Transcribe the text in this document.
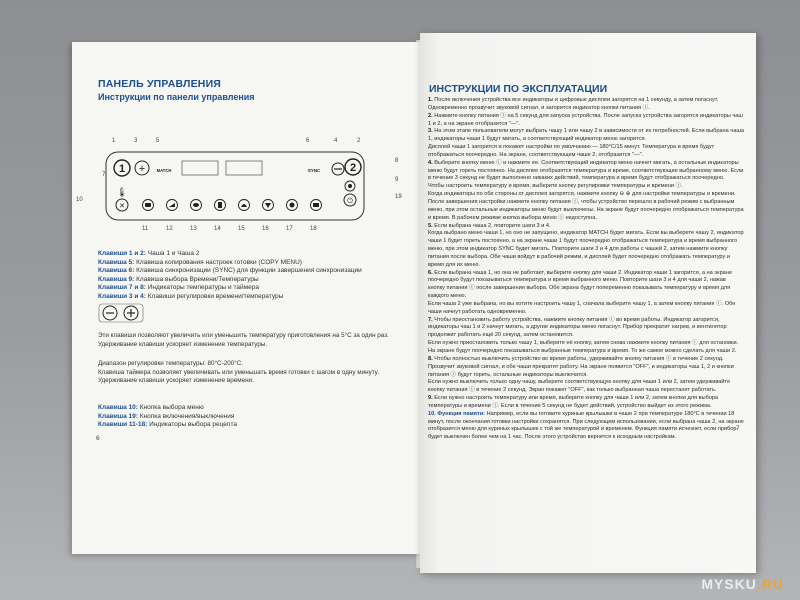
ПАНЕЛЬ УПРАВЛЕНИЯ
Инструкции по панели управления
1	3	5	6	4	2
7
8
9
10	19
1 +	MATCH	SYNC	2
🌡
⏻
✕
11	12	13	14	15	16	17	18
Клавиши 1 и 2: Чаша 1 и Чаша 2
Клавиша 5: Клавиша копирования настроек готовки (COPY MENU)
Клавиша 6: Клавиша синхронизации (SYNC) для функции завершения синхронизации
Клавиша 9: Клавиша выбора Времени/Температуры
Клавиши 7 и 8: Индикаторы температуры и таймера
Клавиши 3 и 4: Клавиши регулировки времени/температуры
Эти клавиши позволяют увеличить или уменьшить температуру приготовления на 5°C за один раз. Удерживание клавиши ускоряет изменение температуры.
Диапазон регулировки температуры: 80°C-200°C.
Клавиша таймера позволяет увеличивать или уменьшать время готовки с шагом в одну минуту. Удерживание клавиши ускоряет изменение времени.
Клавиша 10: Кнопка выбора меню
Клавиша 19: Кнопка включения/выключения
Клавиши 11-18: Индикаторы выбора рецепта
6
ИНСТРУКЦИИ ПО ЭКСПЛУАТАЦИИ

1. После включения устройства все индикаторы и цифровые дисплеи загорятся на 1 секунду, а затем погаснут. Одновременно прозвучит звуковой сигнал, и загорится индикатор кнопки питания ⓘ.

2. Нажмите кнопку питания ⓘ на 5 секунд для запуска устройства. После запуска устройства загорятся индикаторы чаш 1 и 2, а на экране отобразится "—".

3. На этом этапе пользователи могут выбрать чашу 1 или чашу 2 в зависимости от их потребностей. Если выбрана чаша 1, индикаторы чаши 1 будут мигать, а соответствующий индикатор меню загорится.

Дисплей чаши 1 загорится и покажет настройки по умолчанию — 180°C/15 минут. Температура и время будут отображаться поочередно. На экране, соответствующем чаше 2, отобразится "—".

4. Выберите кнопку меню ⓘ и нажмите ее. Соответствующий индикатор меню начнет мигать, а остальные индикаторы меню будут гореть постоянно. На дисплее отобразятся температура и время, соответствующие выбранному меню. Если в течение 3 секунд не будет выполнено никаких действий, температура и время будут отображаться поочередно.

Чтобы настроить температуру и время, выберите кнопку регулировки температуры и времени ⓘ.

Когда индикаторы по обе стороны от дисплея загорятся, нажмите кнопку ⊖ ⊕ для настройки температуры и времени. После завершения настройки нажмите кнопку питания ⓘ, чтобы устройство перешло в рабочий режим с выбранным меню, при этом остальные индикаторы меню будут выключены. На экране будут поочередно отображаться температура и время. В рабочем режиме кнопка выбора меню ⓘ недоступна.

5. Если выбрана чаша 2, повторите шаги 3 и 4.

Когда выбрано меню чаши 1, но оно не запущено, индикатор MATCH будет мигать. Если вы выберете чашу 2, индикатор чаши 1 будет гореть постоянно, а на экране чаши 1 будут поочередно отображаться температура и время выбранного меню, при этом индикатор SYNC будет мигать. Повторите шаги 3 и 4 для работы с чашей 2, затем нажмите кнопку питания после выбора. Обе чаши войдут в рабочий режим, и дисплей будет поочередно отображать температуру и время для их меню.

6. Если выбрана чаша 1, но она не работает, выберите кнопку для чаши 2. Индикатор чаши 1 загорится, а на экране поочередно будут показываться температура и время выбранного меню. Повторите шаги 3 и 4 для чаши 2, нажав кнопку питания ⓘ после завершения выбора. Обе экрана будут попеременно показывать температуру и время для каждого меню.

Если чаша 2 уже выбрана, но вы хотите настроить чашу 1, сначала выберите чашу 1, а затем кнопку питания ⓘ. Обе чаши начнут работать одновременно.

7. Чтобы приостановить работу устройства, нажмите кнопку питания ⓘ во время работы. Индикатор загорится, индикаторы чаш 1 и 2 начнут мигать, а другие индикаторы меню погаснут. Прибор прекратит нагрев, и вентилятор продолжит работать ещё 20 секунд, затем остановится.

Если нужно приостановить только чашу 1, выберите её кнопку, затем снова нажмите кнопку питания ⓘ для остановки. На экране будут поочередно показываться выбранные температура и время. То же самое можно сделать для чаши 2.

8. Чтобы полностью выключить устройство во время работы, удерживайте кнопку питания ⓘ в течение 2 секунд. Прозвучит звуковой сигнал, и обе чаши прекратят работу. На экране появится "OFF", и индикаторы чаш 1, 2 и кнопки питания ⓘ будут гореть, остальные индикаторы выключатся.

Если нужно выключить только одну чашу, выберите соответствующую кнопку для чаши 1 или 2, затем удерживайте кнопку питания ⓘ в течение 2 секунд. Экран покажет "OFF", как только выбранная чаша перестанет работать.

9. Если нужно настроить температуру или время, выберите кнопку для чаши 1 или 2, затем кнопки для выбора температуры и времени ⓘ. Если в течение 5 секунд не будет действий, устройство выйдет из этого режима.

10. Функция памяти: Например, если вы готовите куриные крылышки в чаше 2 при температуре 180°C в течении 18 минут, после окончания готовки настройки сохранятся. При следующем использовании, если выбрана чаша 2, на экране отобразится меню для куриных крылышек с той же температурой и временем. Функция памяти исчезнет, если прибор будет выключен более чем на 1 час. После этого устройство вернется к исходным настройкам.

7
MYSKU.RU
